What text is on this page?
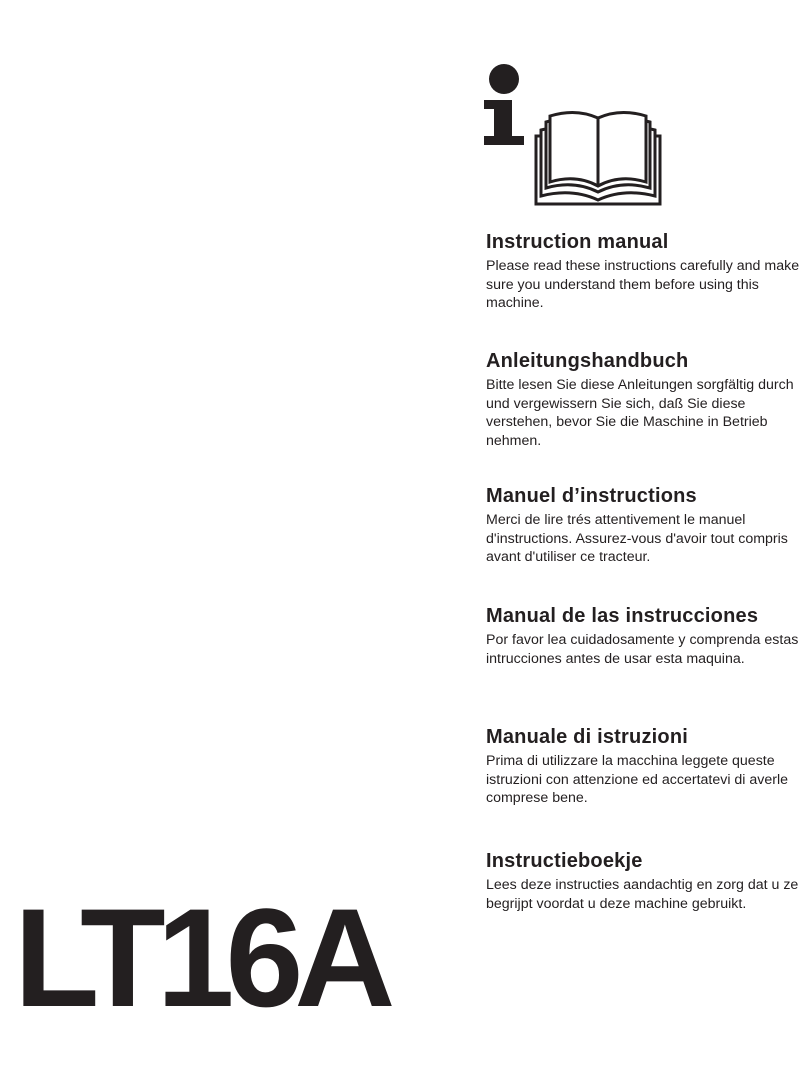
Instruction manual

Please read these instructions carefully and make sure you understand them before using this machine.

Anleitungshandbuch

Bitte lesen Sie diese Anleitungen sorgfältig durch und vergewissern Sie sich, daß Sie diese verstehen, bevor Sie die Maschine in Betrieb nehmen.

Manuel d’instructions

Merci de lire trés attentivement le manuel d'instructions. Assurez-vous d'avoir tout compris avant d'utiliser ce tracteur.

Manual de las instrucciones

Por favor lea cuidadosamente y comprenda estas intrucciones antes de usar esta maquina.

Manuale di istruzioni

Prima di utilizzare la macchina leggete queste istruzioni con attenzione ed accertatevi di averle comprese bene.

Instructieboekje

Lees deze instructies aandachtig en zorg dat u ze begrijpt voordat u deze machine gebruikt.

LT16A
